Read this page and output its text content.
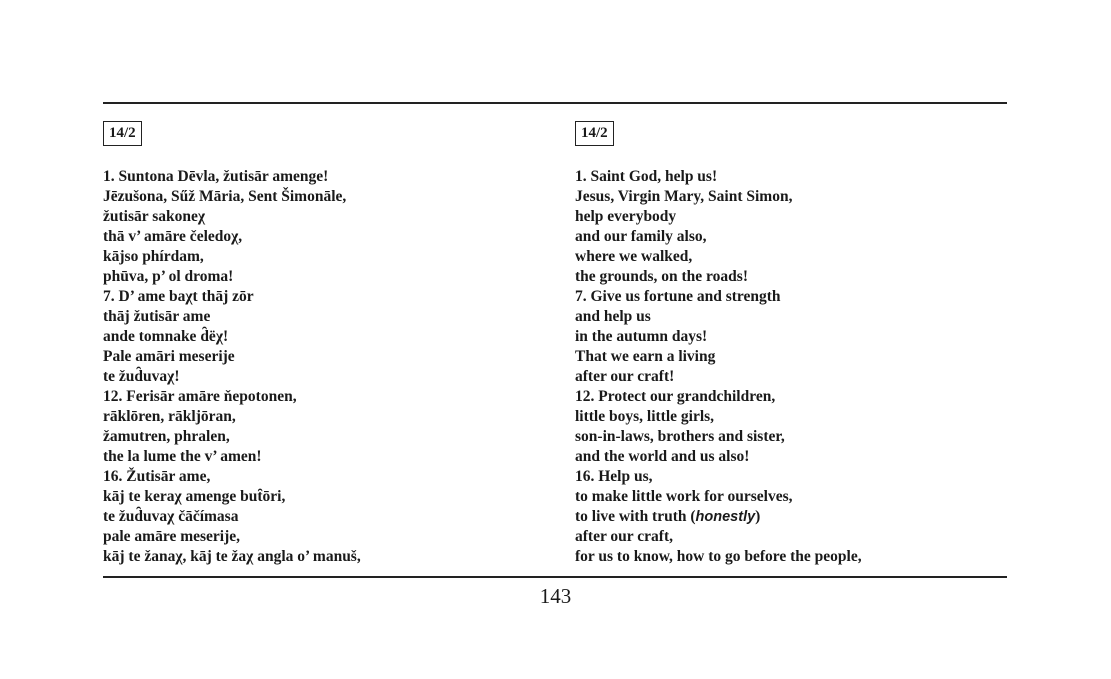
14/2
1. Suntona Dēvla, žutisār amenge!
Jēzušona, Sűž Māria, Sent Šimonāle,
žutisār sakoneχ
thā v’ amāre čeledoχ,
kājso phírdam,
phūva, p’ ol droma!
7. D’ ame baχt thāj zōr
thāj žutisār ame
ande tomnake d̑ëχ!
Pale amāri meserije
te žud̑uvaχ!
12. Ferisār amāre ňepotonen,
rāklōren, rākljōran,
žamutren, phralen,
the la lume the v’ amen!
16. Žutisār ame,
kāj te keraχ amenge but̑ōri,
te žud̑uvaχ čāčímasa
pale amāre meserije,
kāj te žanaχ, kāj te žaχ angla o’ manuš,
14/2
1. Saint God, help us!
Jesus, Virgin Mary, Saint Simon,
help everybody
and our family also,
where we walked,
the grounds, on the roads!
7. Give us fortune and strength
and help us
in the autumn days!
That we earn a living
after our craft!
12. Protect our grandchildren,
little boys, little girls,
son-in-laws, brothers and sister,
and the world and us also!
16. Help us,
to make little work for ourselves,
to live with truth (honestly)
after our craft,
for us to know, how to go before the people,
143
